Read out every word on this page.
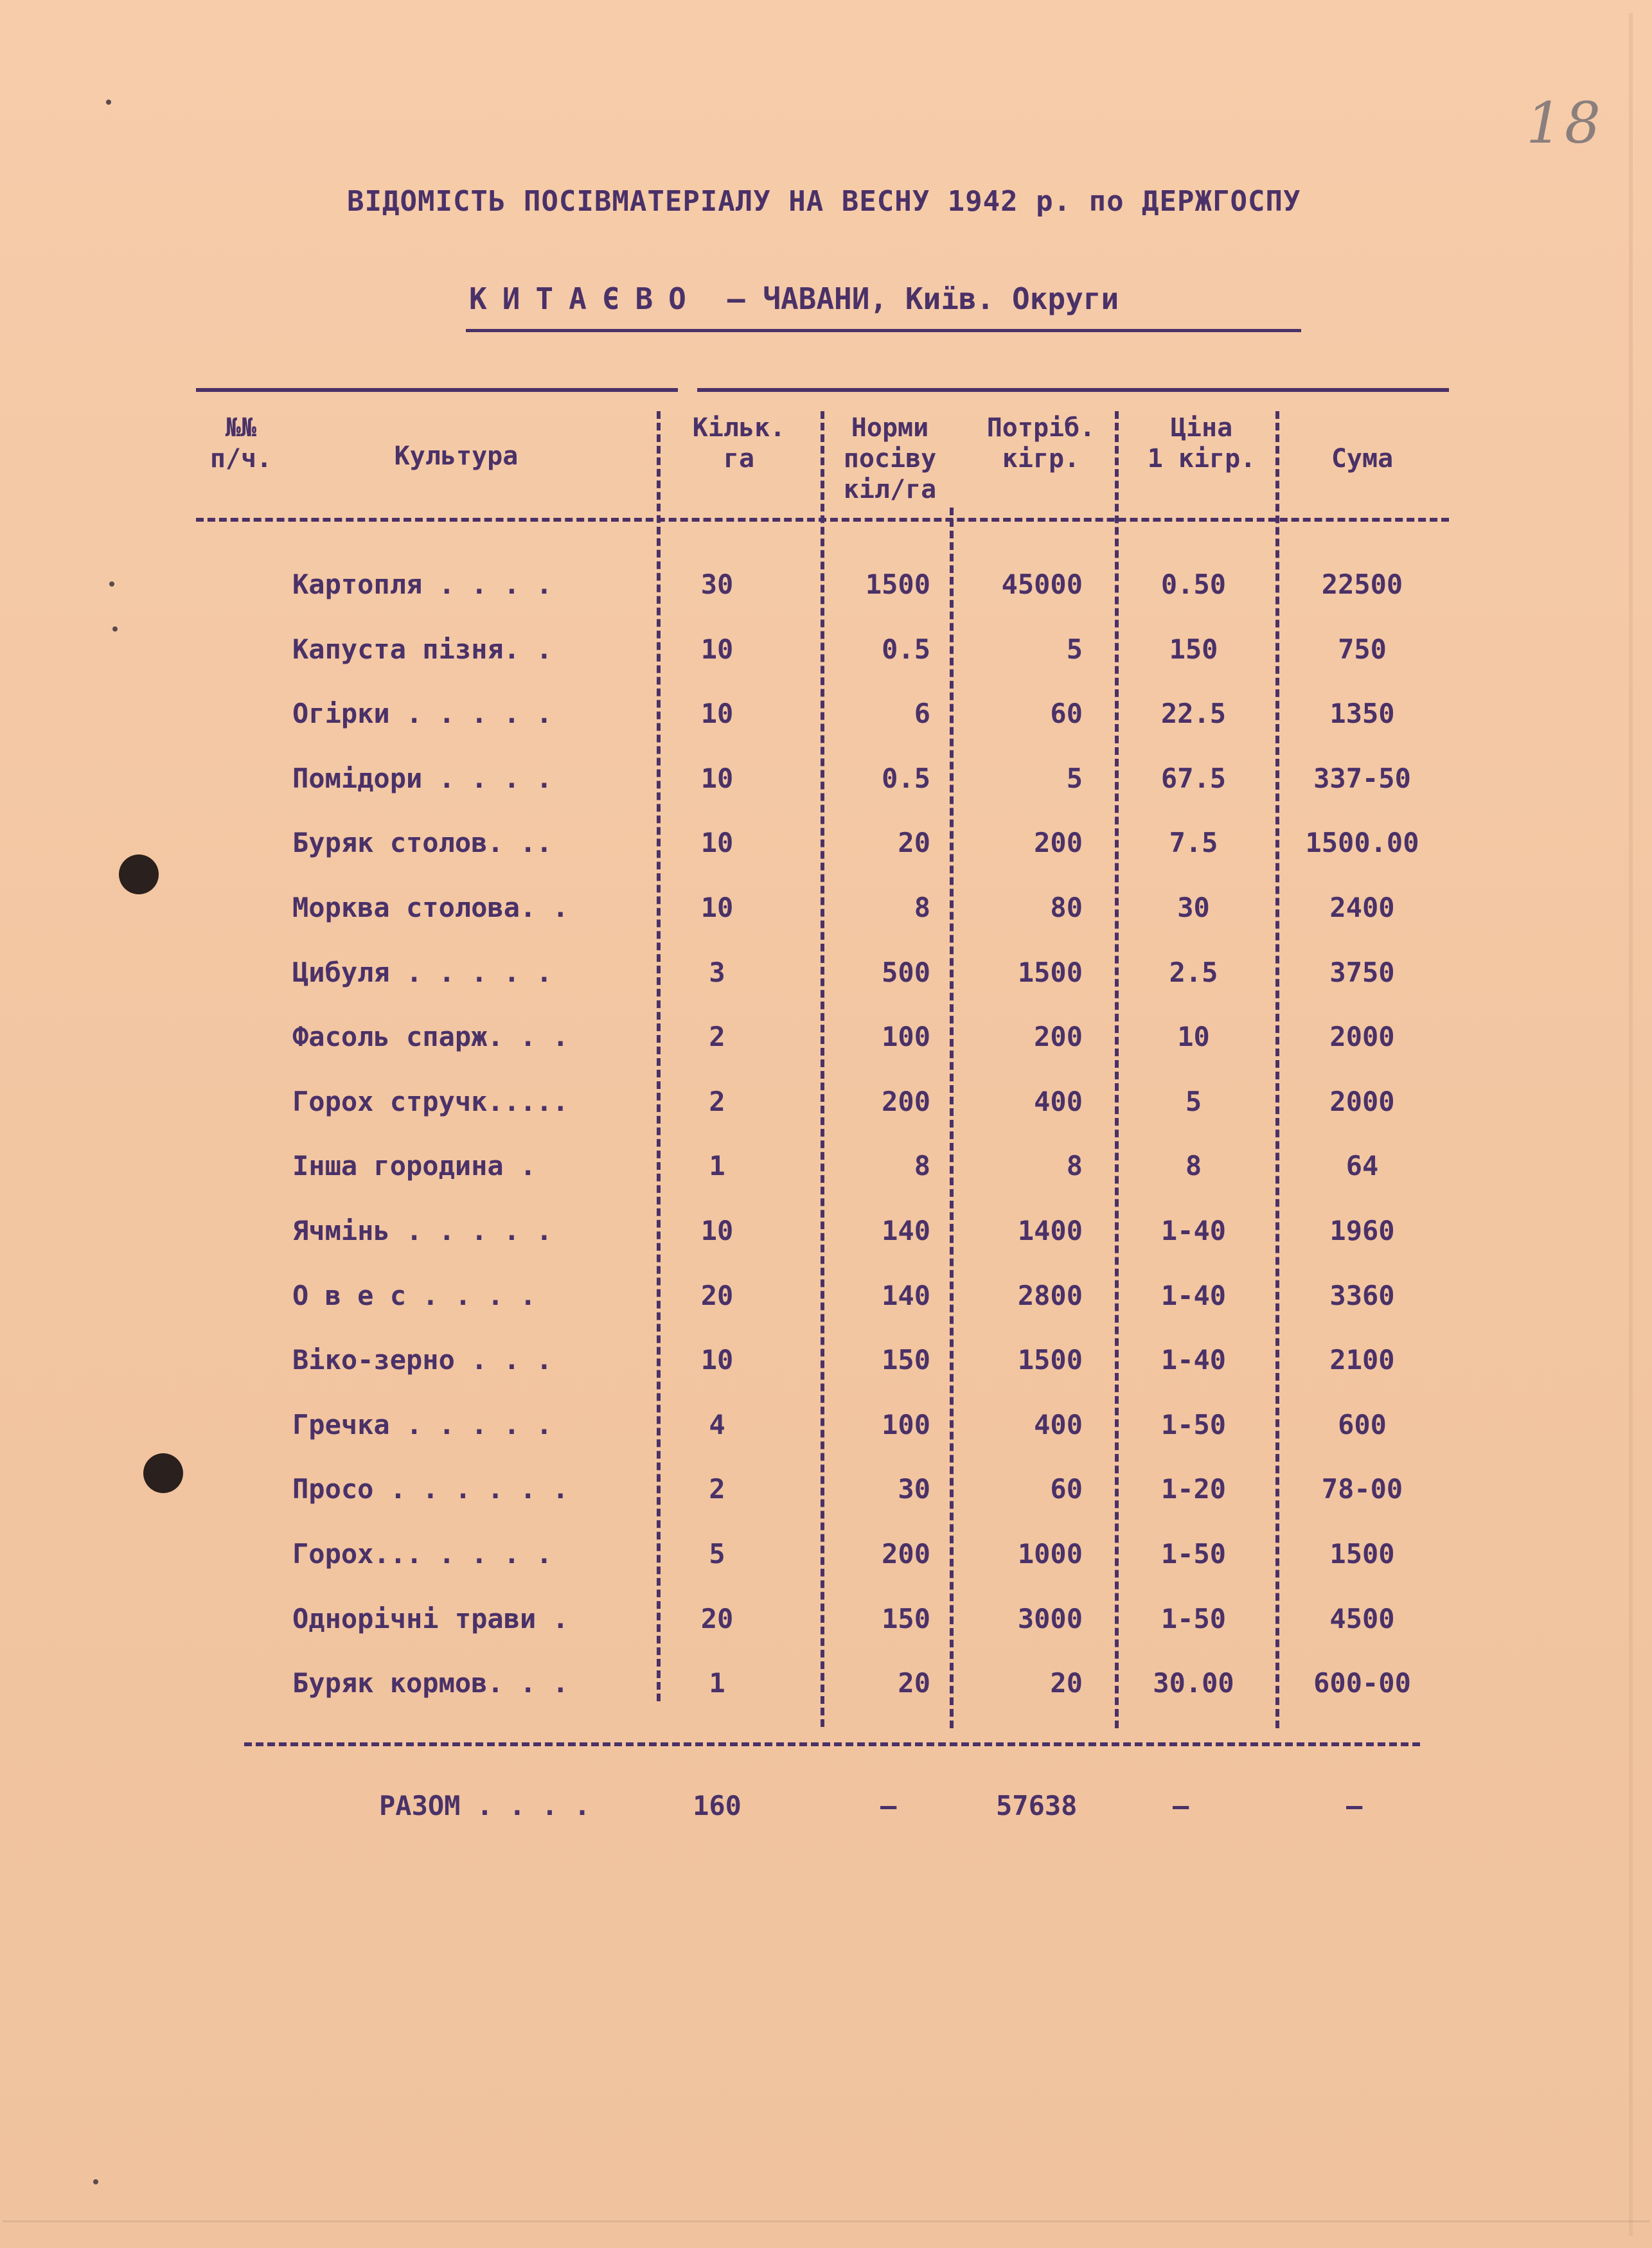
18
ВІДОМІСТЬ ПОСІВМАТЕРІАЛУ НА ВЕСНУ 1942 р. по ДЕРЖГОСПУ
КИТАЄВО – ЧАВАНИ, Київ. Округи
№№
п/ч.	Культура
Кільк.
га
Норми
посіву
кіл/га
Потріб.
кігр.
Ціна
1 кігр.	Сума
Картопля . . . .	30	1500	45000	0.50	22500
Капуста пізня. .	10	0.5	5	150	750
Огірки . . . . .	10	6	60	22.5	1350
Помідори . . . .	10	0.5	5	67.5	337-50
Буряк столов. ..	10	20	200	7.5	1500.00
Морква столова. .	10	8	80	30	2400
Цибуля . . . . .	3	500	1500	2.5	3750
Фасоль спарж. . .	2	100	200	10	2000
Горох стручк.....	2	200	400	5	2000
Інша городина .	1	8	8	8	64
Ячмінь . . . . .	10	140	1400	1-40	1960
О в е с . . . .	20	140	2800	1-40	3360
Віко-зерно . . .	10	150	1500	1-40	2100
Гречка . . . . .	4	100	400	1-50	600
Просо . . . . . .	2	30	60	1-20	78-00
Горох... . . . .	5	200	1000	1-50	1500
Однорічні трави .	20	150	3000	1-50	4500
Буряк кормов. . .	1	20	20	30.00	600-00
РАЗОМ . . . .	160	–	57638	–	–
